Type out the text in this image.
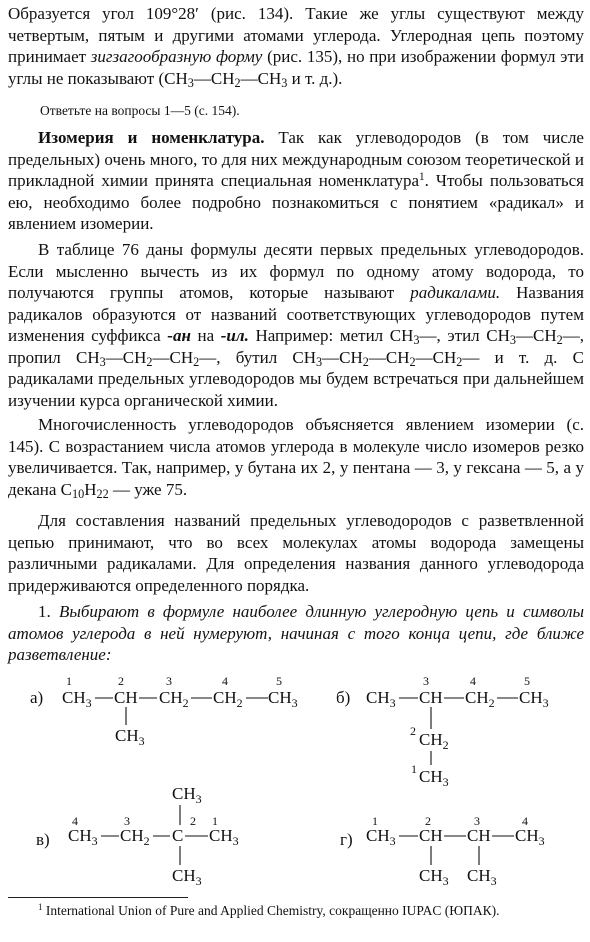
Образуется угол 109°28′ (рис. 134). Такие же углы существуют между четвертым, пятым и другими атомами углерода. Углеродная цепь поэтому принимает зигзагообразную форму (рис. 135), но при изображении формул эти углы не показывают ($CH_3—CH_2—CH_3$ и т. д.).

Ответьте на вопросы 1—5 (с. 154).

Изомерия и номенклатура. Так как углеводородов (в том числе предельных) очень много, то для них международным союзом теоретической и прикладной химии принята специальная номенклатура$^1$. Чтобы пользоваться ею, необходимо более подробно познакомиться с понятием «радикал» и явлением изомерии.

В таблице 76 даны формулы десяти первых предельных углеводородов. Если мысленно вычесть из их формул по одному атому водорода, то получаются группы атомов, которые называют радикалами. Названия радикалов образуются от названий соответствующих углеводородов путем изменения суффикса -ан на -ил. Например: метил $CH_3—$, этил $CH_3—CH_2—$, пропил $CH_3—CH_2—CH_2—$, бутил $CH_3—CH_2—CH_2—CH_2—$ и т. д. С радикалами предельных углеводородов мы будем встречаться при дальнейшем изучении курса органической химии.

Многочисленность углеводородов объясняется явлением изомерии (с. 145). С возрастанием числа атомов углерода в молекуле число изомеров резко увеличивается. Так, например, у бутана их 2, у пентана — 3, у гексана — 5, а у декана $C_{10}H_{22}$ — уже 75.

Для составления названий предельных углеводородов с разветвленной цепью принимают, что во всех молекулах атомы водорода замещены различными радикалами. Для определения названия данного углеводорода придерживаются определенного порядка.

1. Выбирают в формуле наиболее длинную углеродную цепь и символы атомов углерода в ней нумеруют, начиная с того конца цепи, где ближе разветвление:

а) $CH_3$ CH $CH_2$ $CH_2$ $CH_3$
$CH_3$
1	2	3	4	5
б) $CH_3$ CH $CH_2$ $CH_3$
$CH_2$
2
$CH_3$
1
3	4	5
в) $CH_3$ $CH_2$ C $CH_3$
$CH_3$
$CH_3$
4	3	2 1
г) $CH_3$ CH CH $CH_3$
$CH_3$ $CH_3$
1	2	3	4

$^1$ International Union of Pure and Applied Chemistry, сокращенно IUPAC (ЮПАК).
